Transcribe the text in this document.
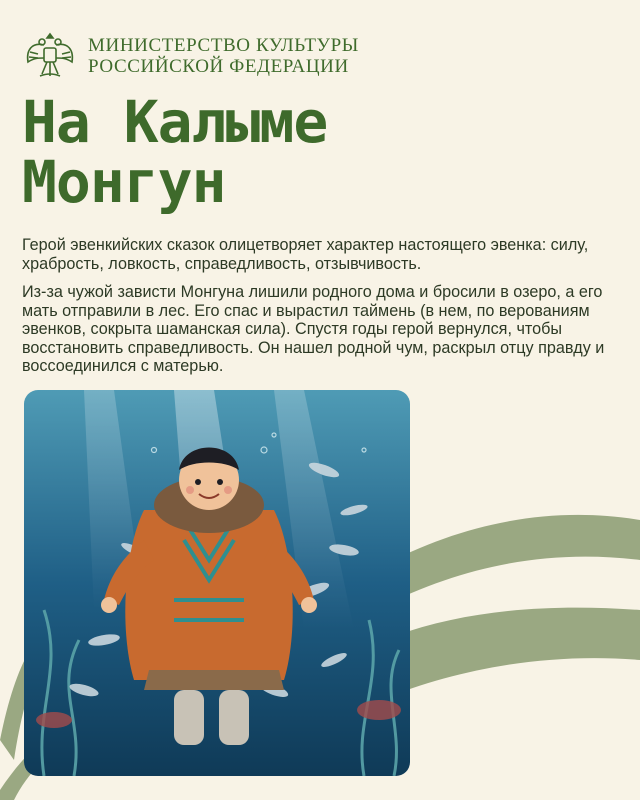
МИНИСТЕРСТВО КУЛЬТУРЫ
РОССИЙСКОЙ ФЕДЕРАЦИИ
На Калыме
Монгун

Герой эвенкийских сказок олицетворяет характер настоящего эвенка: силу, храбрость, ловкость, справедливость, отзывчивость.

Из-за чужой зависти Монгуна лишили родного дома и бросили в озеро, а его мать отправили в лес. Его спас и вырастил таймень (в нем, по верованиям эвенков, сокрыта шаманская сила). Спустя годы герой вернулся, чтобы восстановить справедливость. Он нашел родной чум, раскрыл отцу правду и воссоединился с матерью.
